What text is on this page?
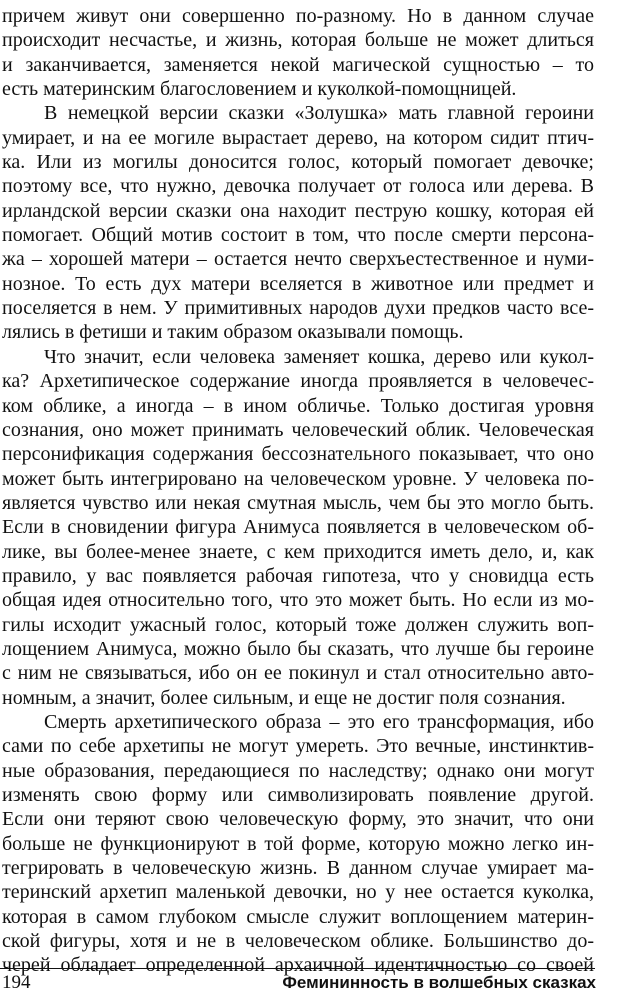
причем живут они совершенно по-разному. Но в данном случае
происходит несчастье, и жизнь, которая больше не может длиться
и заканчивается, заменяется некой магической сущностью – то
есть материнским благословением и куколкой-помощницей.
В немецкой версии сказки «Золушка» мать главной героини
умирает, и на ее могиле вырастает дерево, на котором сидит птич-
ка. Или из могилы доносится голос, который помогает девочке;
поэтому все, что нужно, девочка получает от голоса или дерева. В
ирландской версии сказки она находит пеструю кошку, которая ей
помогает. Общий мотив состоит в том, что после смерти персона-
жа – хорошей матери – остается нечто сверхъестественное и нуми-
нозное. То есть дух матери вселяется в животное или предмет и
поселяется в нем. У примитивных народов духи предков часто все-
лялись в фетиши и таким образом оказывали помощь.
Что значит, если человека заменяет кошка, дерево или кукол-
ка? Архетипическое содержание иногда проявляется в человечес-
ком облике, а иногда – в ином обличье. Только достигая уровня
сознания, оно может принимать человеческий облик. Человеческая
персонификация содержания бессознательного показывает, что оно
может быть интегрировано на человеческом уровне. У человека по-
является чувство или некая смутная мысль, чем бы это могло быть.
Если в сновидении фигура Анимуса появляется в человеческом об-
лике, вы более-менее знаете, с кем приходится иметь дело, и, как
правило, у вас появляется рабочая гипотеза, что у сновидца есть
общая идея относительно того, что это может быть. Но если из мо-
гилы исходит ужасный голос, который тоже должен служить воп-
лощением Анимуса, можно было бы сказать, что лучше бы героине
с ним не связываться, ибо он ее покинул и стал относительно авто-
номным, а значит, более сильным, и еще не достиг поля сознания.
Смерть архетипического образа – это его трансформация, ибо
сами по себе архетипы не могут умереть. Это вечные, инстинктив-
ные образования, передающиеся по наследству; однако они могут
изменять свою форму или символизировать появление другой.
Если они теряют свою человеческую форму, это значит, что они
больше не функционируют в той форме, которую можно легко ин-
тегрировать в человеческую жизнь. В данном случае умирает ма-
теринский архетип маленькой девочки, но у нее остается куколка,
которая в самом глубоком смысле служит воплощением материн-
ской фигуры, хотя и не в человеческом облике. Большинство до-
черей обладает определенной архаичной идентичностью со своей
194	Фемининность в волшебных сказках
